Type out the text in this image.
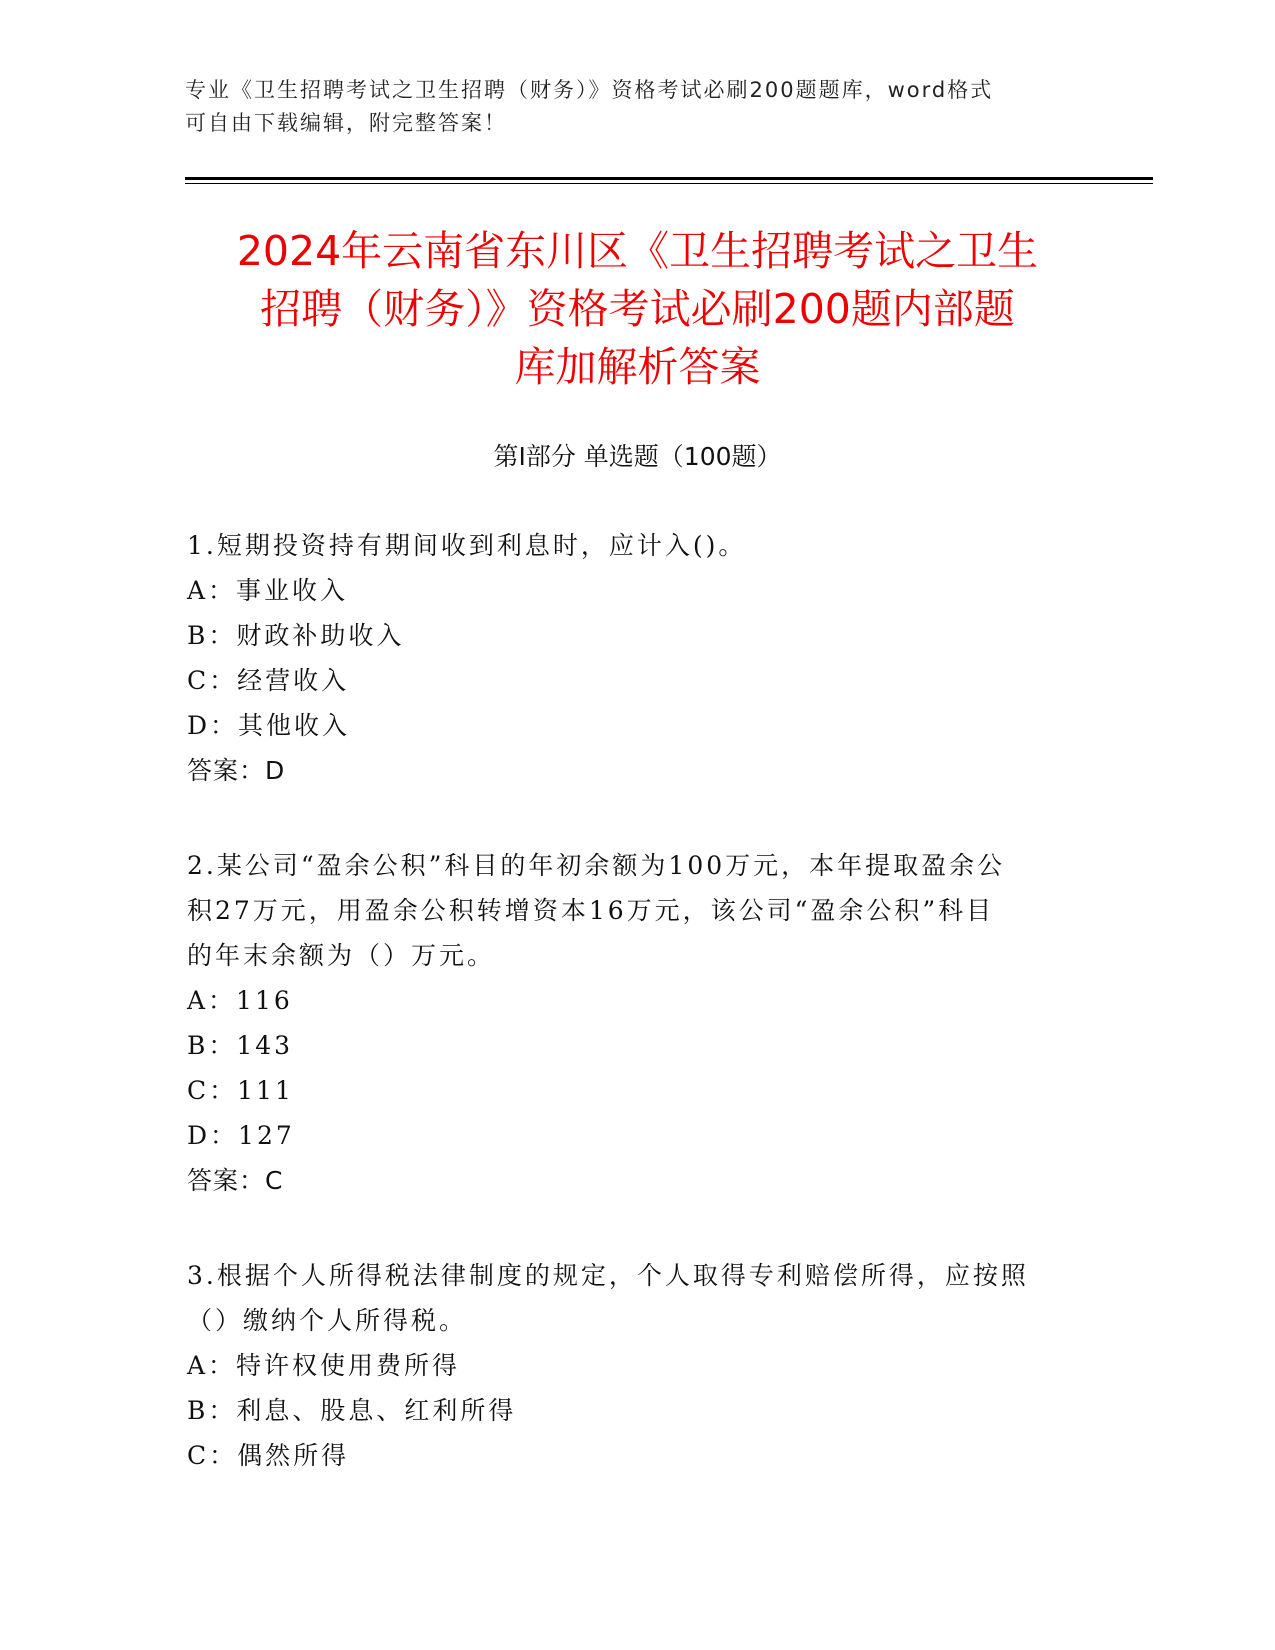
专业《卫生招聘考试之卫生招聘（财务）》资格考试必刷200题题库，word格式
可自由下载编辑，附完整答案！
2024年云南省东川区《卫生招聘考试之卫生
招聘（财务）》资格考试必刷200题内部题
库加解析答案
第Ⅰ部分 单选题（100题）
1.短期投资持有期间收到利息时，应计入()。
A：事业收入
B：财政补助收入
C：经营收入
D：其他收入
答案：D
2.某公司“盈余公积”科目的年初余额为100万元，本年提取盈余公
积27万元，用盈余公积转增资本16万元，该公司“盈余公积”科目
的年末余额为（）万元。
A：116
B：143
C：111
D：127
答案：C
3.根据个人所得税法律制度的规定，个人取得专利赔偿所得，应按照
（）缴纳个人所得税。
A：特许权使用费所得
B：利息、股息、红利所得
C：偶然所得
